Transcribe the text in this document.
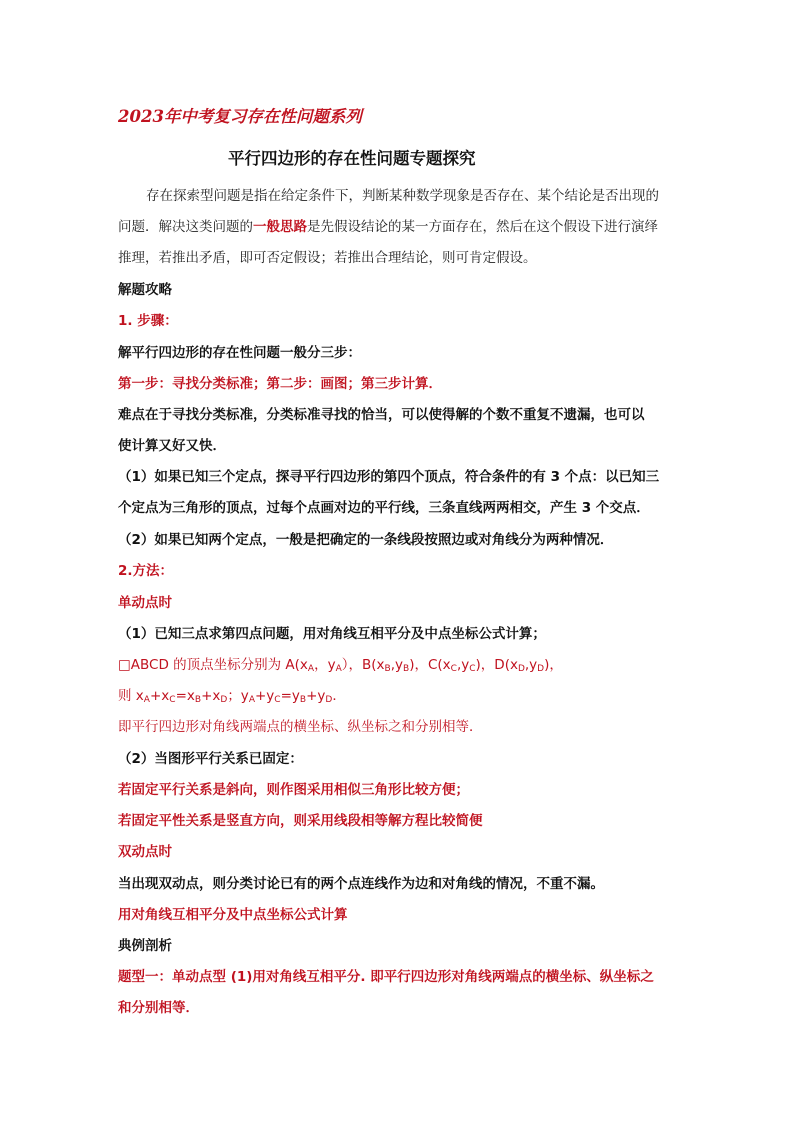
2023年中考复习存在性问题系列
平行四边形的存在性问题专题探究
存在探索型问题是指在给定条件下，判断某种数学现象是否存在、某个结论是否出现的
问题．解决这类问题的一般思路是先假设结论的某一方面存在，然后在这个假设下进行演绎
推理，若推出矛盾，即可否定假设；若推出合理结论，则可肯定假设。
解题攻略
1. 步骤：
解平行四边形的存在性问题一般分三步：
第一步：寻找分类标准；第二步：画图；第三步计算．
难点在于寻找分类标准，分类标准寻找的恰当，可以使得解的个数不重复不遗漏，也可以
使计算又好又快．
（1）如果已知三个定点，探寻平行四边形的第四个顶点，符合条件的有 3 个点：以已知三
个定点为三角形的顶点，过每个点画对边的平行线，三条直线两两相交，产生 3 个交点．
（2）如果已知两个定点，一般是把确定的一条线段按照边或对角线分为两种情况．
2.方法：
单动点时
（1）已知三点求第四点问题，用对角线互相平分及中点坐标公式计算；
□ABCD 的顶点坐标分别为 $A(x_A$，$y_A$），$B(x_B,y_B)$，$C(x_C,y_C)$，$D(x_D,y_D)$，
则 $x_A+x_C=x_B+x_D$；$y_A+y_C=y_B+y_D$．
即平行四边形对角线两端点的横坐标、纵坐标之和分别相等．
（2）当图形平行关系已固定：
若固定平行关系是斜向，则作图采用相似三角形比较方便；
若固定平性关系是竖直方向，则采用线段相等解方程比较简便
双动点时
当出现双动点，则分类讨论已有的两个点连线作为边和对角线的情况，不重不漏。
用对角线互相平分及中点坐标公式计算
典例剖析
题型一：单动点型 (1)用对角线互相平分. 即平行四边形对角线两端点的横坐标、纵坐标之
和分别相等．
